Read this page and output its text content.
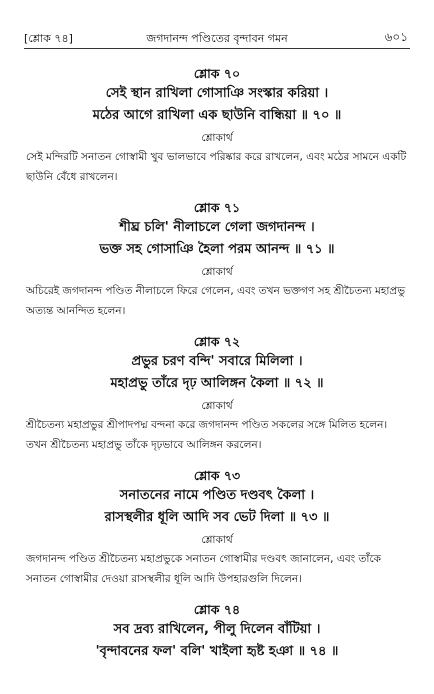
[শ্লোক ৭৪]	জগদানন্দ পণ্ডিতের বৃন্দাবন গমন	৬০১
শ্লোক ৭০
সেই স্থান রাখিলা গোসাঞি সংস্কার করিয়া ।
মঠের আগে রাখিলা এক ছাউনি বান্ধিয়া ॥ ৭০ ॥
শ্লোকার্থ
সেই মন্দিরটি সনাতন গোস্বামী খুব ভালভাবে পরিষ্কার করে রাখলেন, এবং মঠের সামনে একটি ছাউনি বেঁধে রাখলেন।
শ্লোক ৭১
শীঘ্র চলি' নীলাচলে গেলা জগদানন্দ ।
ভক্ত সহ গোসাঞি হৈলা পরম আনন্দ ॥ ৭১ ॥
শ্লোকার্থ
অচিরেই জগদানন্দ পণ্ডিত নীলাচলে ফিরে গেলেন, এবং তখন ভক্তগণ সহ শ্রীচৈতন্য মহাপ্রভু অত্যন্ত আনন্দিত হলেন।
শ্লোক ৭২
প্রভুর চরণ বন্দি' সবারে মিলিলা ।
মহাপ্রভু তাঁরে দৃঢ় আলিঙ্গন কৈলা ॥ ৭২ ॥
শ্লোকার্থ
শ্রীচৈতন্য মহাপ্রভুর শ্রীপাদপদ্ম বন্দনা করে জগদানন্দ পণ্ডিত সকলের সঙ্গে মিলিত হলেন। তখন শ্রীচৈতন্য মহাপ্রভু তাঁকে দৃঢ়ভাবে আলিঙ্গন করলেন।
শ্লোক ৭৩
সনাতনের নামে পণ্ডিত দণ্ডবৎ কৈলা ।
রাসস্থলীর ধূলি আদি সব ভেট দিলা ॥ ৭৩ ॥
শ্লোকার্থ
জগদানন্দ পণ্ডিত শ্রীচৈতন্য মহাপ্রভুকে সনাতন গোস্বামীর দণ্ডবৎ জানালেন, এবং তাঁকে সনাতন গোস্বামীর দেওয়া রাসস্থলীর ধূলি আদি উপহারগুলি দিলেন।
শ্লোক ৭৪
সব দ্রব্য রাখিলেন, পীলু দিলেন বাঁটিয়া ।
'বৃন্দাবনের ফল' বলি' খাইলা হৃষ্ট হঞা ॥ ৭৪ ॥
